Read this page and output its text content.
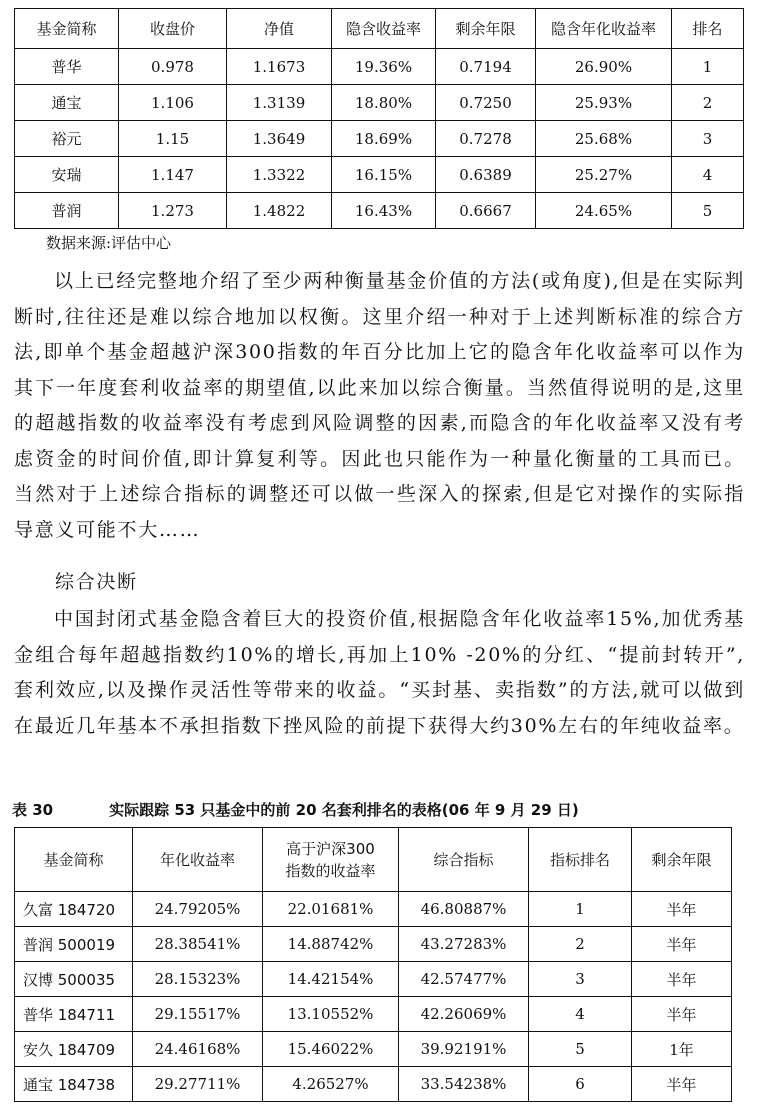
基金简称	收盘价	净值	隐含收益率	剩余年限	隐含年化收益率	排名
普华	0.978	1.1673	19.36%	0.7194	26.90%	1
通宝	1.106	1.3139	18.80%	0.7250	25.93%	2
裕元	1.15	1.3649	18.69%	0.7278	25.68%	3
安瑞	1.147	1.3322	16.15%	0.6389	25.27%	4
普润	1.273	1.4822	16.43%	0.6667	24.65%	5
数据来源:评估中心

以上已经完整地介绍了至少两种衡量基金价值的方法(或角度),但是在实际判断时,往往还是难以综合地加以权衡。这里介绍一种对于上述判断标准的综合方法,即单个基金超越沪深300指数的年百分比加上它的隐含年化收益率可以作为其下一年度套利收益率的期望值,以此来加以综合衡量。当然值得说明的是,这里的超越指数的收益率没有考虑到风险调整的因素,而隐含的年化收益率又没有考虑资金的时间价值,即计算复利等。因此也只能作为一种量化衡量的工具而已。当然对于上述综合指标的调整还可以做一些深入的探索,但是它对操作的实际指导意义可能不大……

综合决断

中国封闭式基金隐含着巨大的投资价值,根据隐含年化收益率15%,加优秀基金组合每年超越指数约10%的增长,再加上10% -20%的分红、“提前封转开”,套利效应,以及操作灵活性等带来的收益。“买封基、卖指数”的方法,就可以做到在最近几年基本不承担指数下挫风险的前提下获得大约30%左右的年纯收益率。

表 30	实际跟踪 53 只基金中的前 20 名套利排名的表格(06 年 9 月 29 日)
基金简称	年化收益率	高于沪深300
指数的收益率	综合指标	指标排名	剩余年限
久富 184720	24.79205%	22.01681%	46.80887%	1	半年
普润 500019	28.38541%	14.88742%	43.27283%	2	半年
汉博 500035	28.15323%	14.42154%	42.57477%	3	半年
普华 184711	29.15517%	13.10552%	42.26069%	4	半年
安久 184709	24.46168%	15.46022%	39.92191%	5	1年
通宝 184738	29.27711%	4.26527%	33.54238%	6	半年
